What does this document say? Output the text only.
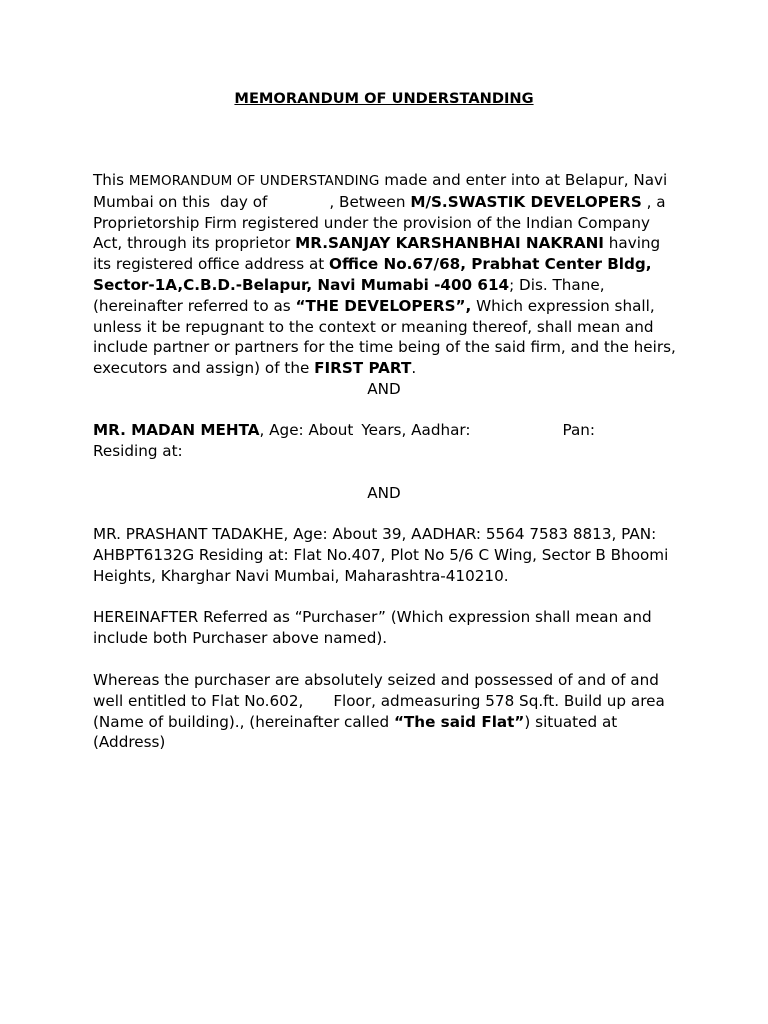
MEMORANDUM OF UNDERSTANDING

This MEMORANDUM OF UNDERSTANDING made and enter into at Belapur, Navi Mumbai on this day of	, Between M/S.SWASTIK DEVELOPERS , a Proprietorship Firm registered under the provision of the Indian Company Act, through its proprietor MR.SANJAY KARSHANBHAI NAKRANI having its registered office address at Office No.67/68, Prabhat Center Bldg, Sector-1A,C.B.D.-Belapur, Navi Mumabi -400 614; Dis. Thane, (hereinafter referred to as “THE DEVELOPERS”, Which expression shall, unless it be repugnant to the context or meaning thereof, shall mean and include partner or partners for the time being of the said firm, and the heirs, executors and assign) of the FIRST PART.

AND

MR. MADAN MEHTA, Age: About Years, Aadhar:	Pan:
Residing at:

AND

MR. PRASHANT TADAKHE, Age: About 39, AADHAR: 5564 7583 8813, PAN: AHBPT6132G Residing at: Flat No.407, Plot No 5/6 C Wing, Sector B Bhoomi Heights, Kharghar Navi Mumbai, Maharashtra-410210.

HEREINAFTER Referred as “Purchaser” (Which expression shall mean and include both Purchaser above named).

Whereas the purchaser are absolutely seized and possessed of and of and well entitled to Flat No.602, Floor, admeasuring 578 Sq.ft. Build up area (Name of building)., (hereinafter called “The said Flat”) situated at (Address)
